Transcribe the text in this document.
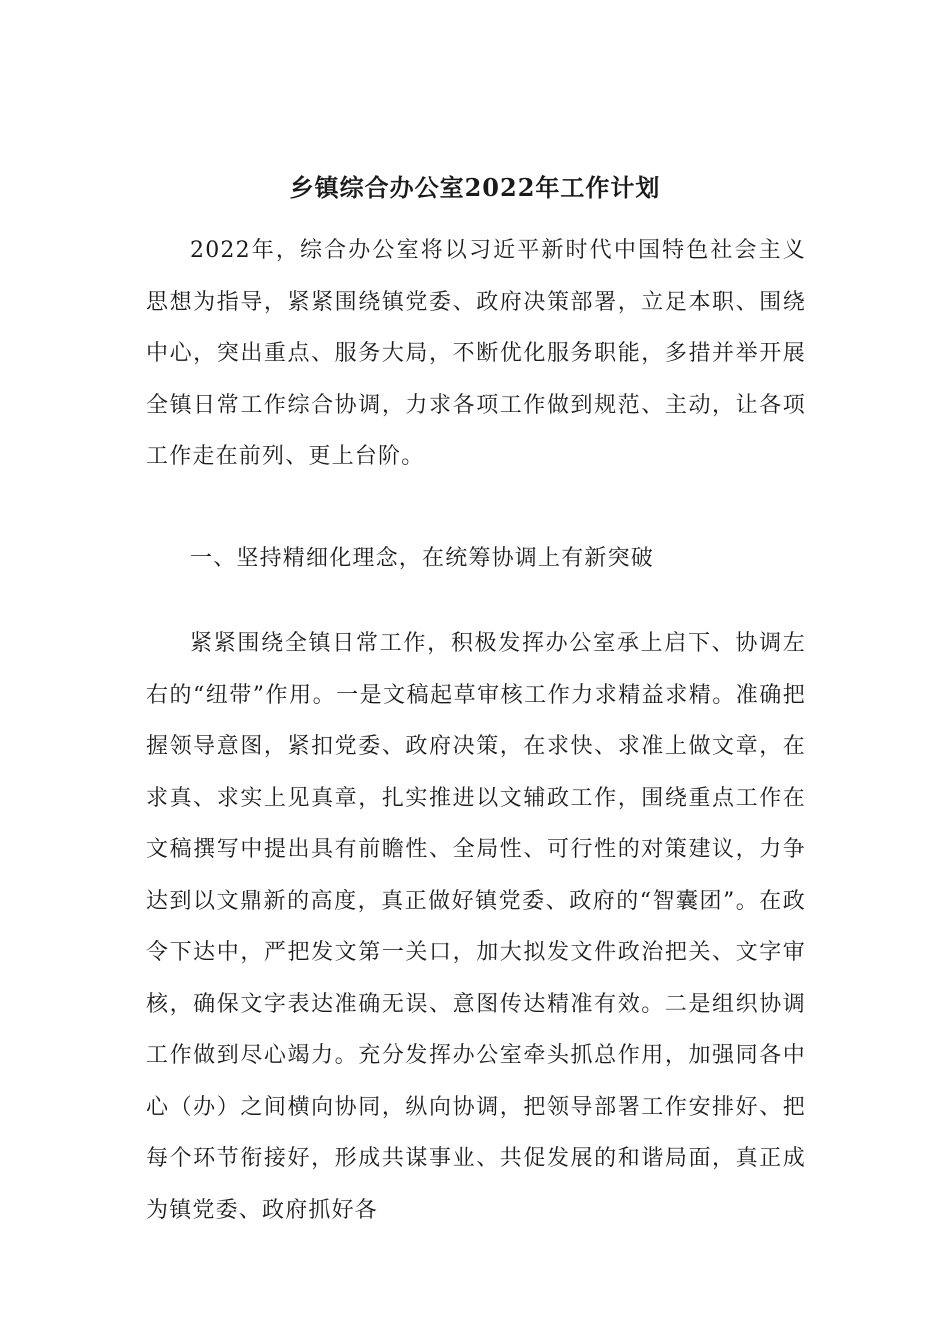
乡镇综合办公室2022年工作计划

2022年，综合办公室将以习近平新时代中国特色社会主义思想为指导，紧紧围绕镇党委、政府决策部署，立足本职、围绕中心，突出重点、服务大局，不断优化服务职能，多措并举开展全镇日常工作综合协调，力求各项工作做到规范、主动，让各项工作走在前列、更上台阶。

一、坚持精细化理念，在统筹协调上有新突破

紧紧围绕全镇日常工作，积极发挥办公室承上启下、协调左右的“纽带”作用。一是文稿起草审核工作力求精益求精。准确把握领导意图，紧扣党委、政府决策，在求快、求准上做文章，在求真、求实上见真章，扎实推进以文辅政工作，围绕重点工作在文稿撰写中提出具有前瞻性、全局性、可行性的对策建议，力争达到以文鼎新的高度，真正做好镇党委、政府的“智囊团”。在政令下达中，严把发文第一关口，加大拟发文件政治把关、文字审核，确保文字表达准确无误、意图传达精准有效。二是组织协调工作做到尽心竭力。充分发挥办公室牵头抓总作用，加强同各中心（办）之间横向协同，纵向协调，把领导部署工作安排好、把每个环节衔接好，形成共谋事业、共促发展的和谐局面，真正成为镇党委、政府抓好各
